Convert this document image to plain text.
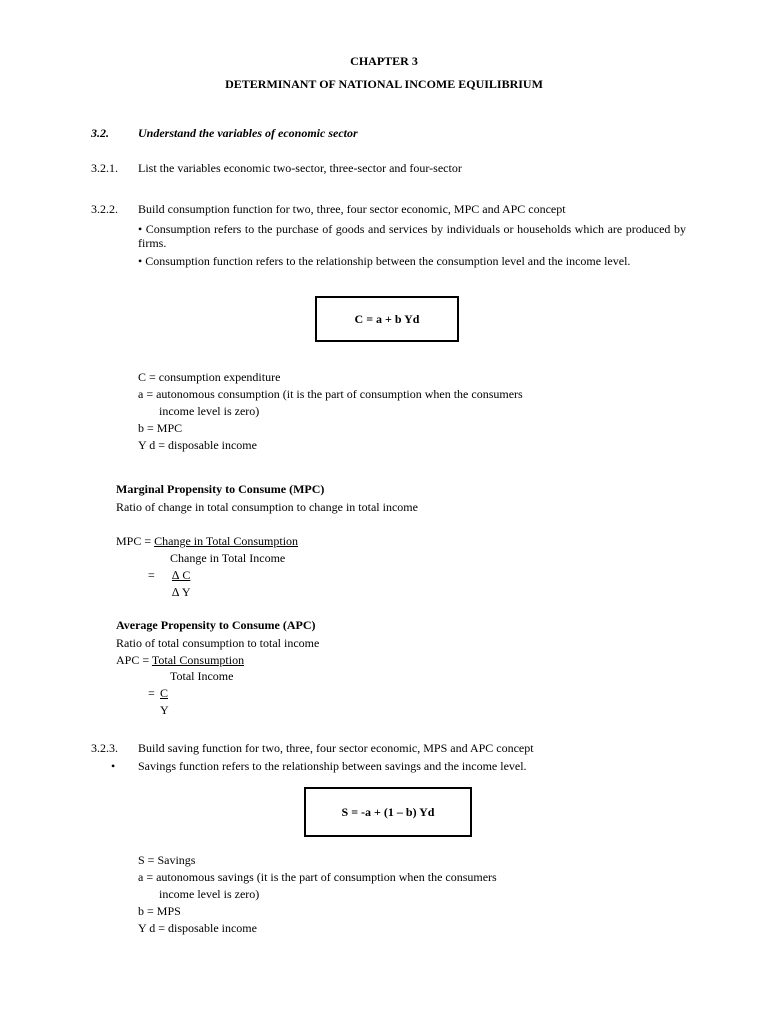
CHAPTER 3
DETERMINANT OF NATIONAL INCOME EQUILIBRIUM
3.2. Understand the variables of economic sector
3.2.1. List the variables economic two-sector, three-sector and four-sector
3.2.2. Build consumption function for two, three, four sector economic, MPC and APC concept
• Consumption refers to the purchase of goods and services by individuals or households which are produced by firms.
• Consumption function refers to the relationship between the consumption level and the income level.
C = a + b Yd
C = consumption expenditure
a = autonomous consumption (it is the part of consumption when the consumers
income level is zero)
b = MPC
Y d = disposable income
Marginal Propensity to Consume (MPC)
Ratio of change in total consumption to change in total income
MPC = Change in Total Consumption
Change in Total Income
= ∆ C
∆ Y
Average Propensity to Consume (APC)
Ratio of total consumption to total income
APC = Total Consumption
Total Income
= C
Y
3.2.3. Build saving function for two, three, four sector economic, MPS and APC concept
• Savings function refers to the relationship between savings and the income level.
S = -a + (1 – b) Yd
S = Savings
a = autonomous savings (it is the part of consumption when the consumers
income level is zero)
b = MPS
Y d = disposable income
